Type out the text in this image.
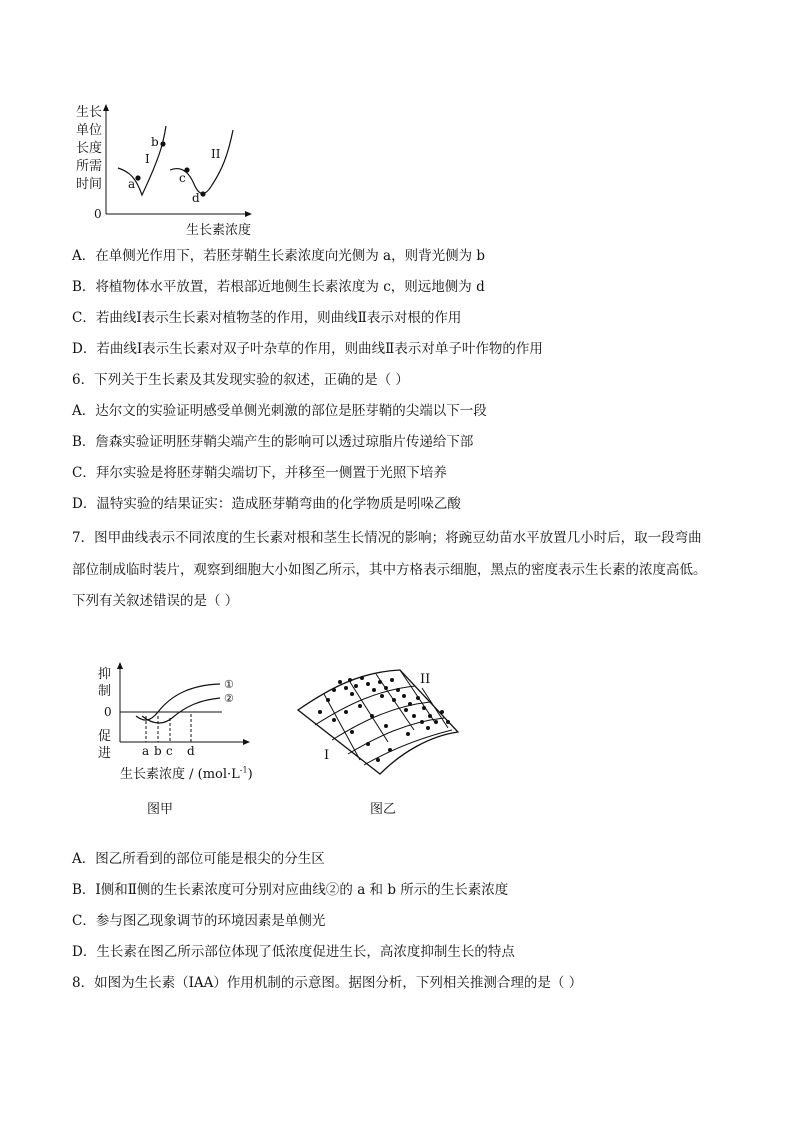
生长
单位
长度
所需
时间
0
a
b
c
d
I	II
生长素浓度
A．在单侧光作用下，若胚芽鞘生长素浓度向光侧为 a，则背光侧为 b
B．将植物体水平放置，若根部近地侧生长素浓度为 c，则远地侧为 d
C．若曲线Ⅰ表示生长素对植物茎的作用，则曲线Ⅱ表示对根的作用
D．若曲线Ⅰ表示生长素对双子叶杂草的作用，则曲线Ⅱ表示对单子叶作物的作用
6．下列关于生长素及其发现实验的叙述，正确的是（ ）
A．达尔文的实验证明感受单侧光刺激的部位是胚芽鞘的尖端以下一段
B．詹森实验证明胚芽鞘尖端产生的影响可以透过琼脂片传递给下部
C．拜尔实验是将胚芽鞘尖端切下，并移至一侧置于光照下培养
D．温特实验的结果证实：造成胚芽鞘弯曲的化学物质是吲哚乙酸
7．图甲曲线表示不同浓度的生长素对根和茎生长情况的影响；将豌豆幼苗水平放置几小时后，取一段弯曲
部位制成临时装片，观察到细胞大小如图乙所示，其中方格表示细胞，黑点的密度表示生长素的浓度高低。
下列有关叙述错误的是（ ）
抑
制
0
促
进
①
②
a b c d
生长素浓度 / $(mol\cdot L^{-1})$
图甲
II
I
图乙
A．图乙所看到的部位可能是根尖的分生区
B．Ⅰ侧和Ⅱ侧的生长素浓度可分别对应曲线②的 a 和 b 所示的生长素浓度
C．参与图乙现象调节的环境因素是单侧光
D．生长素在图乙所示部位体现了低浓度促进生长，高浓度抑制生长的特点
8．如图为生长素（IAA）作用机制的示意图。据图分析，下列相关推测合理的是（ ）
